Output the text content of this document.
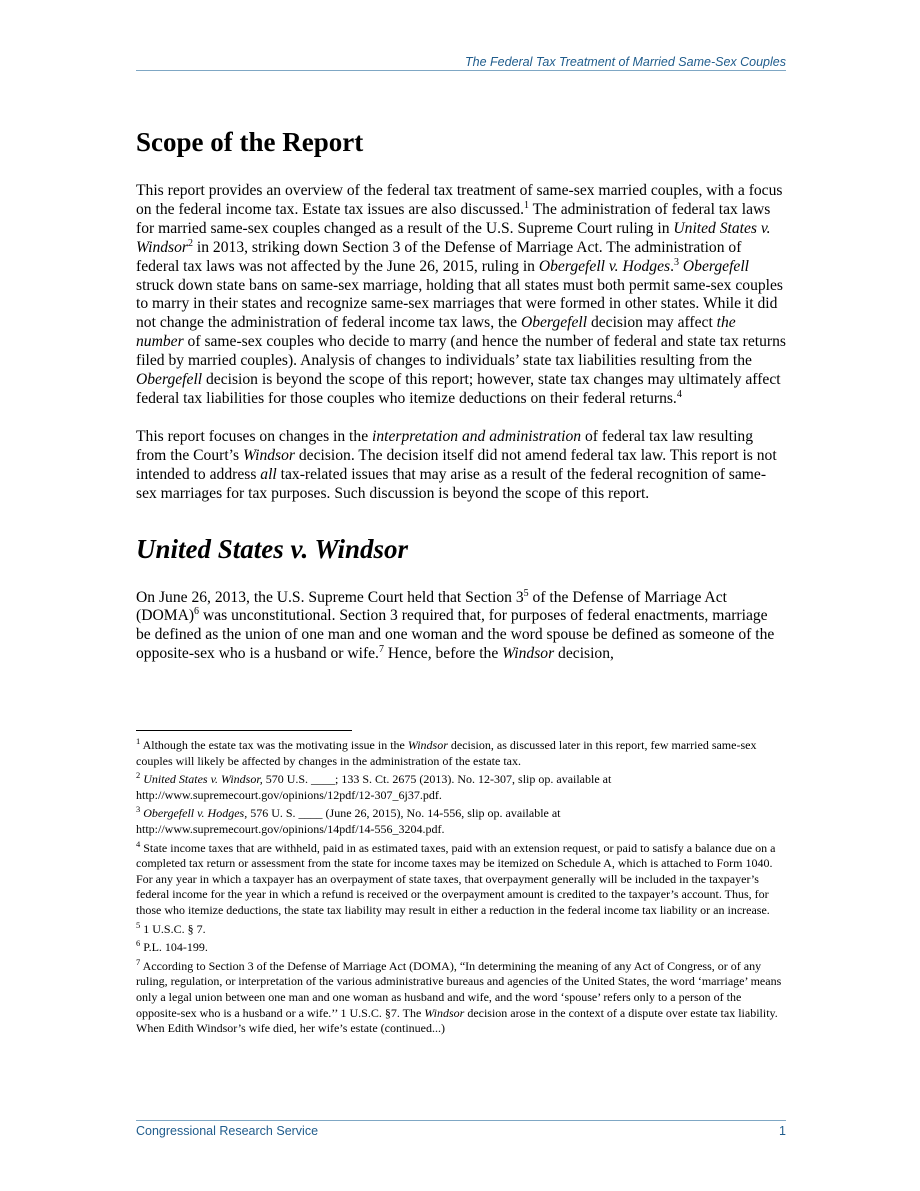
The Federal Tax Treatment of Married Same-Sex Couples
Scope of the Report

This report provides an overview of the federal tax treatment of same-sex married couples, with a focus on the federal income tax. Estate tax issues are also discussed.$^1$ The administration of federal tax laws for married same-sex couples changed as a result of the U.S. Supreme Court ruling in United States v. Windsor$^2$ in 2013, striking down Section 3 of the Defense of Marriage Act. The administration of federal tax laws was not affected by the June 26, 2015, ruling in Obergefell v. Hodges.$^3$ Obergefell struck down state bans on same-sex marriage, holding that all states must both permit same-sex couples to marry in their states and recognize same-sex marriages that were formed in other states. While it did not change the administration of federal income tax laws, the Obergefell decision may affect the number of same-sex couples who decide to marry (and hence the number of federal and state tax returns filed by married couples). Analysis of changes to individuals’ state tax liabilities resulting from the Obergefell decision is beyond the scope of this report; however, state tax changes may ultimately affect federal tax liabilities for those couples who itemize deductions on their federal returns.$^4$

This report focuses on changes in the interpretation and administration of federal tax law resulting from the Court’s Windsor decision. The decision itself did not amend federal tax law. This report is not intended to address all tax-related issues that may arise as a result of the federal recognition of same-sex marriages for tax purposes. Such discussion is beyond the scope of this report.

United States v. Windsor

On June 26, 2013, the U.S. Supreme Court held that Section $3^5$ of the Defense of Marriage Act (DOMA)$^6$ was unconstitutional. Section 3 required that, for purposes of federal enactments, marriage be defined as the union of one man and one woman and the word spouse be defined as someone of the opposite-sex who is a husband or wife.$^7$ Hence, before the Windsor decision,

$^1$ Although the estate tax was the motivating issue in the Windsor decision, as discussed later in this report, few married same-sex couples will likely be affected by changes in the administration of the estate tax.

$^2$ United States v. Windsor, 570 U.S. ____; 133 S. Ct. 2675 (2013). No. 12-307, slip op. available at http://www.supremecourt.gov/opinions/12pdf/12-307_6j37.pdf.

$^3$ Obergefell v. Hodges, 576 U. S. ____ (June 26, 2015), No. 14-556, slip op. available at http://www.supremecourt.gov/opinions/14pdf/14-556_3204.pdf.

$^4$ State income taxes that are withheld, paid in as estimated taxes, paid with an extension request, or paid to satisfy a balance due on a completed tax return or assessment from the state for income taxes may be itemized on Schedule A, which is attached to Form 1040. For any year in which a taxpayer has an overpayment of state taxes, that overpayment generally will be included in the taxpayer’s federal income for the year in which a refund is received or the overpayment amount is credited to the taxpayer’s account. Thus, for those who itemize deductions, the state tax liability may result in either a reduction in the federal income tax liability or an increase.

$^5$ 1 U.S.C. § 7.

$^6$ P.L. 104-199.

$^7$ According to Section 3 of the Defense of Marriage Act (DOMA), “In determining the meaning of any Act of Congress, or of any ruling, regulation, or interpretation of the various administrative bureaus and agencies of the United States, the word ‘marriage’ means only a legal union between one man and one woman as husband and wife, and the word ‘spouse’ refers only to a person of the opposite-sex who is a husband or a wife.’’ 1 U.S.C. §7. The Windsor decision arose in the context of a dispute over estate tax liability. When Edith Windsor’s wife died, her wife’s estate (continued...)

Congressional Research Service	1
